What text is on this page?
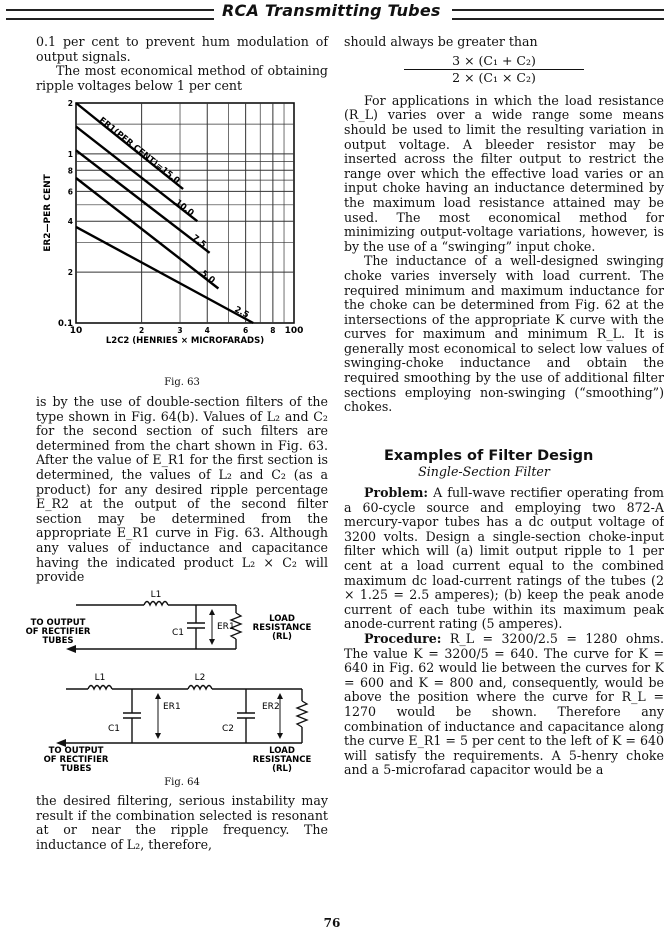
RCA Transmitting Tubes

0.1 per cent to prevent hum modulation of output signals.

The most economical method of obtaining ripple voltages below 1 per cent

10	2	3	4	6	8 100
0.1
2
4
6
8
1
2
L2C2 (HENRIES × MICROFARADS)
ER2—PER CENT
ER1(PER CENT)=15.0
10.0
7.5
5.0
2.5
Fig. 63

is by the use of double-section filters of the type shown in Fig. 64(b). Values of L₂ and C₂ for the second section of such filters are determined from the chart shown in Fig. 63. After the value of E_R1 for the first section is determined, the values of L₂ and C₂ (as a product) for any desired ripple percentage E_R2 at the output of the second filter section may be determined from the appropriate E_R1 curve in Fig. 63. Although any values of inductance and capacitance having the indicated product L₂ × C₂ will provide

L1
TO OUTPUT
OF RECTIFIER
TUBES
C1
ER1
LOAD
RESISTANCE
(RL)
L1	L2
C1	C2
ER1	ER2
TO OUTPUT
OF RECTIFIER
TUBES
LOAD
RESISTANCE
(RL)
Fig. 64

the desired filtering, serious instability may result if the combination selected is resonant at or near the ripple frequency. The inductance of L₂, therefore,

should always be greater than

3 × (C₁ + C₂)
2 × (C₁ × C₂)

For applications in which the load resistance (R_L) varies over a wide range some means should be used to limit the resulting variation in output voltage. A bleeder resistor may be inserted across the filter output to restrict the range over which the effective load varies or an input choke having an inductance determined by the maximum load resistance attained may be used. The most economical method for minimizing output-voltage variations, however, is by the use of a “swinging” input choke.

The inductance of a well-designed swinging choke varies inversely with load current. The required minimum and maximum inductance for the choke can be determined from Fig. 62 at the intersections of the appropriate K curve with the curves for maximum and minimum R_L. It is generally most economical to select low values of swinging-choke inductance and obtain the required smoothing by the use of additional filter sections employing non-swinging (“smoothing”) chokes.

Examples of Filter Design
Single-Section Filter

Problem: A full-wave rectifier operating from a 60-cycle source and employing two 872-A mercury-vapor tubes has a dc output voltage of 3200 volts. Design a single-section choke-input filter which will (a) limit output ripple to 1 per cent at a load current equal to the combined maximum dc load-current ratings of the tubes (2 × 1.25 = 2.5 amperes); (b) keep the peak anode current of each tube within its maximum peak anode-current rating (5 amperes).

Procedure: R_L = 3200/2.5 = 1280 ohms. The value K = 3200/5 = 640. The curve for K = 640 in Fig. 62 would lie between the curves for K = 600 and K = 800 and, consequently, would be above the position where the curve for R_L = 1270 would be shown. Therefore any combination of inductance and capacitance along the curve E_R1 = 5 per cent to the left of K = 640 will satisfy the requirements. A 5-henry choke and a 5-microfarad capacitor would be a

76
